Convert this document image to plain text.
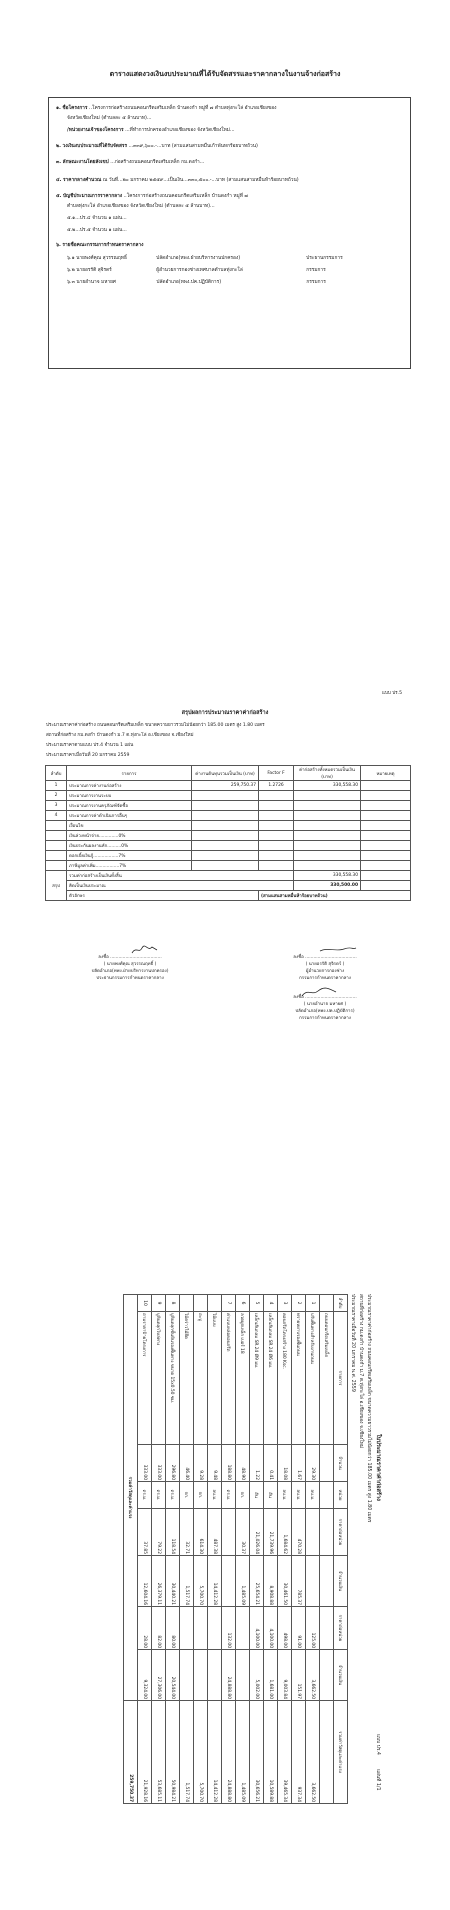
ตารางแสดงวงเงินงบประมาณที่ได้รับจัดสรรและราคากลางในงานจ้างก่อสร้าง
๑. ชื่อโครงการ ..โครงการก่อสร้างถนนคอนกรีตเสริมเหล็ก บ้านดงกำ หมู่ที่ ๗ ตำบลทุ่งกะโล่ อำเภอเชียงของ
จังหวัดเชียงใหม่ (ตำบลละ ๕ ล้านบาท)...
/หน่วยงานเจ้าของโครงการ ...ที่ทำการปกครองอำเภอเชียงของ จังหวัดเชียงใหม่...
๒. วงเงินงบประมาณที่ได้รับจัดสรร ...๓๓๙,๖๐๐.-...บาท (สามแสนสามหมื่นเก้าพันหกร้อยบาทถ้วน)
๓. ลักษณะงานโดยสังเขป ...ก่อสร้างถนนคอนกรีตเสริมเหล็ก กม.ดงกำ...
๔. ราคากลางคำนวณ ณ วันที่...๒๐ มกราคม ๒๕๕๙...เป็นเงิน...๓๓๐,๕๐๐.-...บาท (สามแสนสามหมื่นห้าร้อยบาทถ้วน)
๕. บัญชีประมาณการราคากลาง ..โครงการก่อสร้างถนนคอนกรีตเสริมเหล็ก บ้านดงกำ หมู่ที่ ๗
ตำบลทุ่งกะโล่ อำเภอเชียงของ จังหวัดเชียงใหม่ (ตำบลละ ๕ ล้านบาท)...
๕.๑...ปร.๔ จำนวน ๑ แผ่น...
๕.๒...ปร.๕ จำนวน ๑ แผ่น...
๖. รายชื่อคณะกรรมการกำหนดราคากลาง
๖.๑ นายพงศ์คุณ สุวรรณฤทธิ์	ปลัดอำเภอ(หพง.ฝ่ายบริหารงานปกครอง)	ประธานกรรมการ
๖.๒ นายอรรัติ สุจิรดร์	ผู้อำนวยการกองช่างเทศบาลตำบลทุ่งกะโล่	กรรมการ
๖.๓ นายอำนาจ มหายศ	ปลัดอำเภอ(หพง.ปค.ปฏิบัติการ)	กรรมการ
แบบ ปร.5
สรุปผลการประมาณราคาค่าก่อสร้าง
ประมาณราคาค่าก่อสร้าง ถนนคอนกรีตเสริมเหล็ก ขนาดความยาวรวมไม่น้อยกว่า 185.00 เมตร สูง 1.80 เมตร
สถานที่ก่อสร้าง กม.ดงกำ บ้านดงกำ ม.7 ต.ทุ่งกะโล่ อ.เชียงของ จ.เชียงใหม่
ประมาณราคาตามแบบ ปร.4 จำนวน 1 แผ่น
ประมาณราคาเมื่อวันที่ 20 มกราคม 2559
ลำดับ	รายการ	ค่างานต้นทุนรวมเป็นเงิน (บาท)	Factor F	ค่าก่อสร้างทั้งหมดรวมเป็นเงิน (บาท)	หมายเหตุ
1	ประมาณการค่างานก่อสร้าง	259,750.37	1.2726	330,558.30	
2	ประมาณการงานระบบ				
3	ประมาณการงานครุภัณฑ์จัดซื้อ				
4	ประมาณการค่าดำเนินการอื่นๆ				
	เงื่อนไข				
	เงินล่วงหน้าจ่าย..............0%				
	เงินประกันผลงานหัก..........0%				
	ดอกเบี้ยเงินกู้..................7%				
	ภาษีมูลค่าเพิ่ม.................7%				
สรุป	รวมค่าก่อสร้างเป็นเงินทั้งสิ้น			330,558.30	
	คิดเป็นเงินประมาณ			330,500.00	
	ตัวอักษร		(สามแสนสามหมื่นห้าร้อยบาทถ้วน)		
ลงชื่อ .....................................
( นายพงศ์คุณ สุวรรณฤทธิ์ )
ปลัดอำเภอ(หพง.ฝ่ายบริหารงานปกครอง)
ประธานกรรมการกำหนดราคากลาง
ลงชื่อ .....................................
( นายอรรัติ สุจิรดร์ )
ผู้อำนวยการกองช่าง
กรรมการกำหนดราคากลาง
ลงชื่อ .....................................
( นายอำนาจ มหายศ )
ปลัดอำเภอ(หพง.ปค.ปฏิบัติการ)
กรรมการกำหนดราคากลาง
ใบประมาณราคาค่าก่อสร้าง
แบบ ปร.4
แผ่นที่ 1/1
ประมาณราคาค่าก่อสร้าง ถนนคอนกรีตเสริมเหล็ก ขนาดความยาวรวมไม่น้อยกว่า 185.00 เมตร สูง 1.80 เมตร
สถานที่ก่อสร้าง กม.ดงกำ บ้านดงกำ ม.7 ต.ทุ่งกะโล่ อ.เชียงของ จ.เชียงใหม่
ประมาณราคาเมื่อวันที่ 20 มกราคม พ.ศ. 2559
ลำดับ	รายการ	จำนวน	หน่วย	ราคาต่อหน่วย	จำนวนเงิน	ราคาต่อหน่วย	จำนวนเงิน	รวมค่าวัสดุและค่าแรง
	ถนนคอนกรีตเสริมเหล็ก							
1	ปรับพื้นทางสำหรับงานถนน	29.30	ลบ.ม.			125.00	3,662.50	3,662.50
2	ทรายหยาบรองพื้นถนน	1.67	ลบ.ม.	470.28	785.37	91.00	151.97	937.34
3	คอนกรีตโครงสร้าง 180 Ksc.	18.08	ลบ.ม.	1,684.62	30,461.50	498.00	9,003.84	39,465.34
4	เหล็กเส้นกลม SR.24 Ø6 มม.	0.41	ตัน	21,739.96	8,908.88	4,100.00	1,681.00	10,589.88
5	เหล็กเส้นกลม SR.24 Ø9 มม.	1.22	ตัน	21,026.04	25,654.21	4,100.00	5,002.00	30,656.21
6	ลวดผูกเหล็ก เบอร์ 18	48.90	กก.	30.37	1,485.09			1,485.09
7	ค่าแบบหล่อคอนกรีต	188.80	ตร.ม.			132.00	24,888.80	24,888.80
	ไม้แบบ	9.48	ลบ.ม.	487.38	14,412.28			14,412.28
	ตะปู	9.28	กก.	614.30	5,700.70			5,700.70
	ไม้คร่าวไม้ยึด	46.40	กก.	32.71	1,517.74			1,517.74
8	ปูหินคลุกชั้นหินรองพื้นทาง ขนาด 15x0.50 ซม.	296.80	ตร.ม.	118.54	30,440.21	80.00	20,544.00	50,984.21
9	ปูหินคลุกไหล่ทาง	333.00	ตร.ม.	79.22	26,379.11	82.00	27,306.00	53,685.11
10	ตามราคาป้ายโครงการ	333.00	ตร.ม.	37.85	12,604.16	28.00	9,324.00	21,928.16
รวมค่าวัสดุและค่าแรง								259,750.37
